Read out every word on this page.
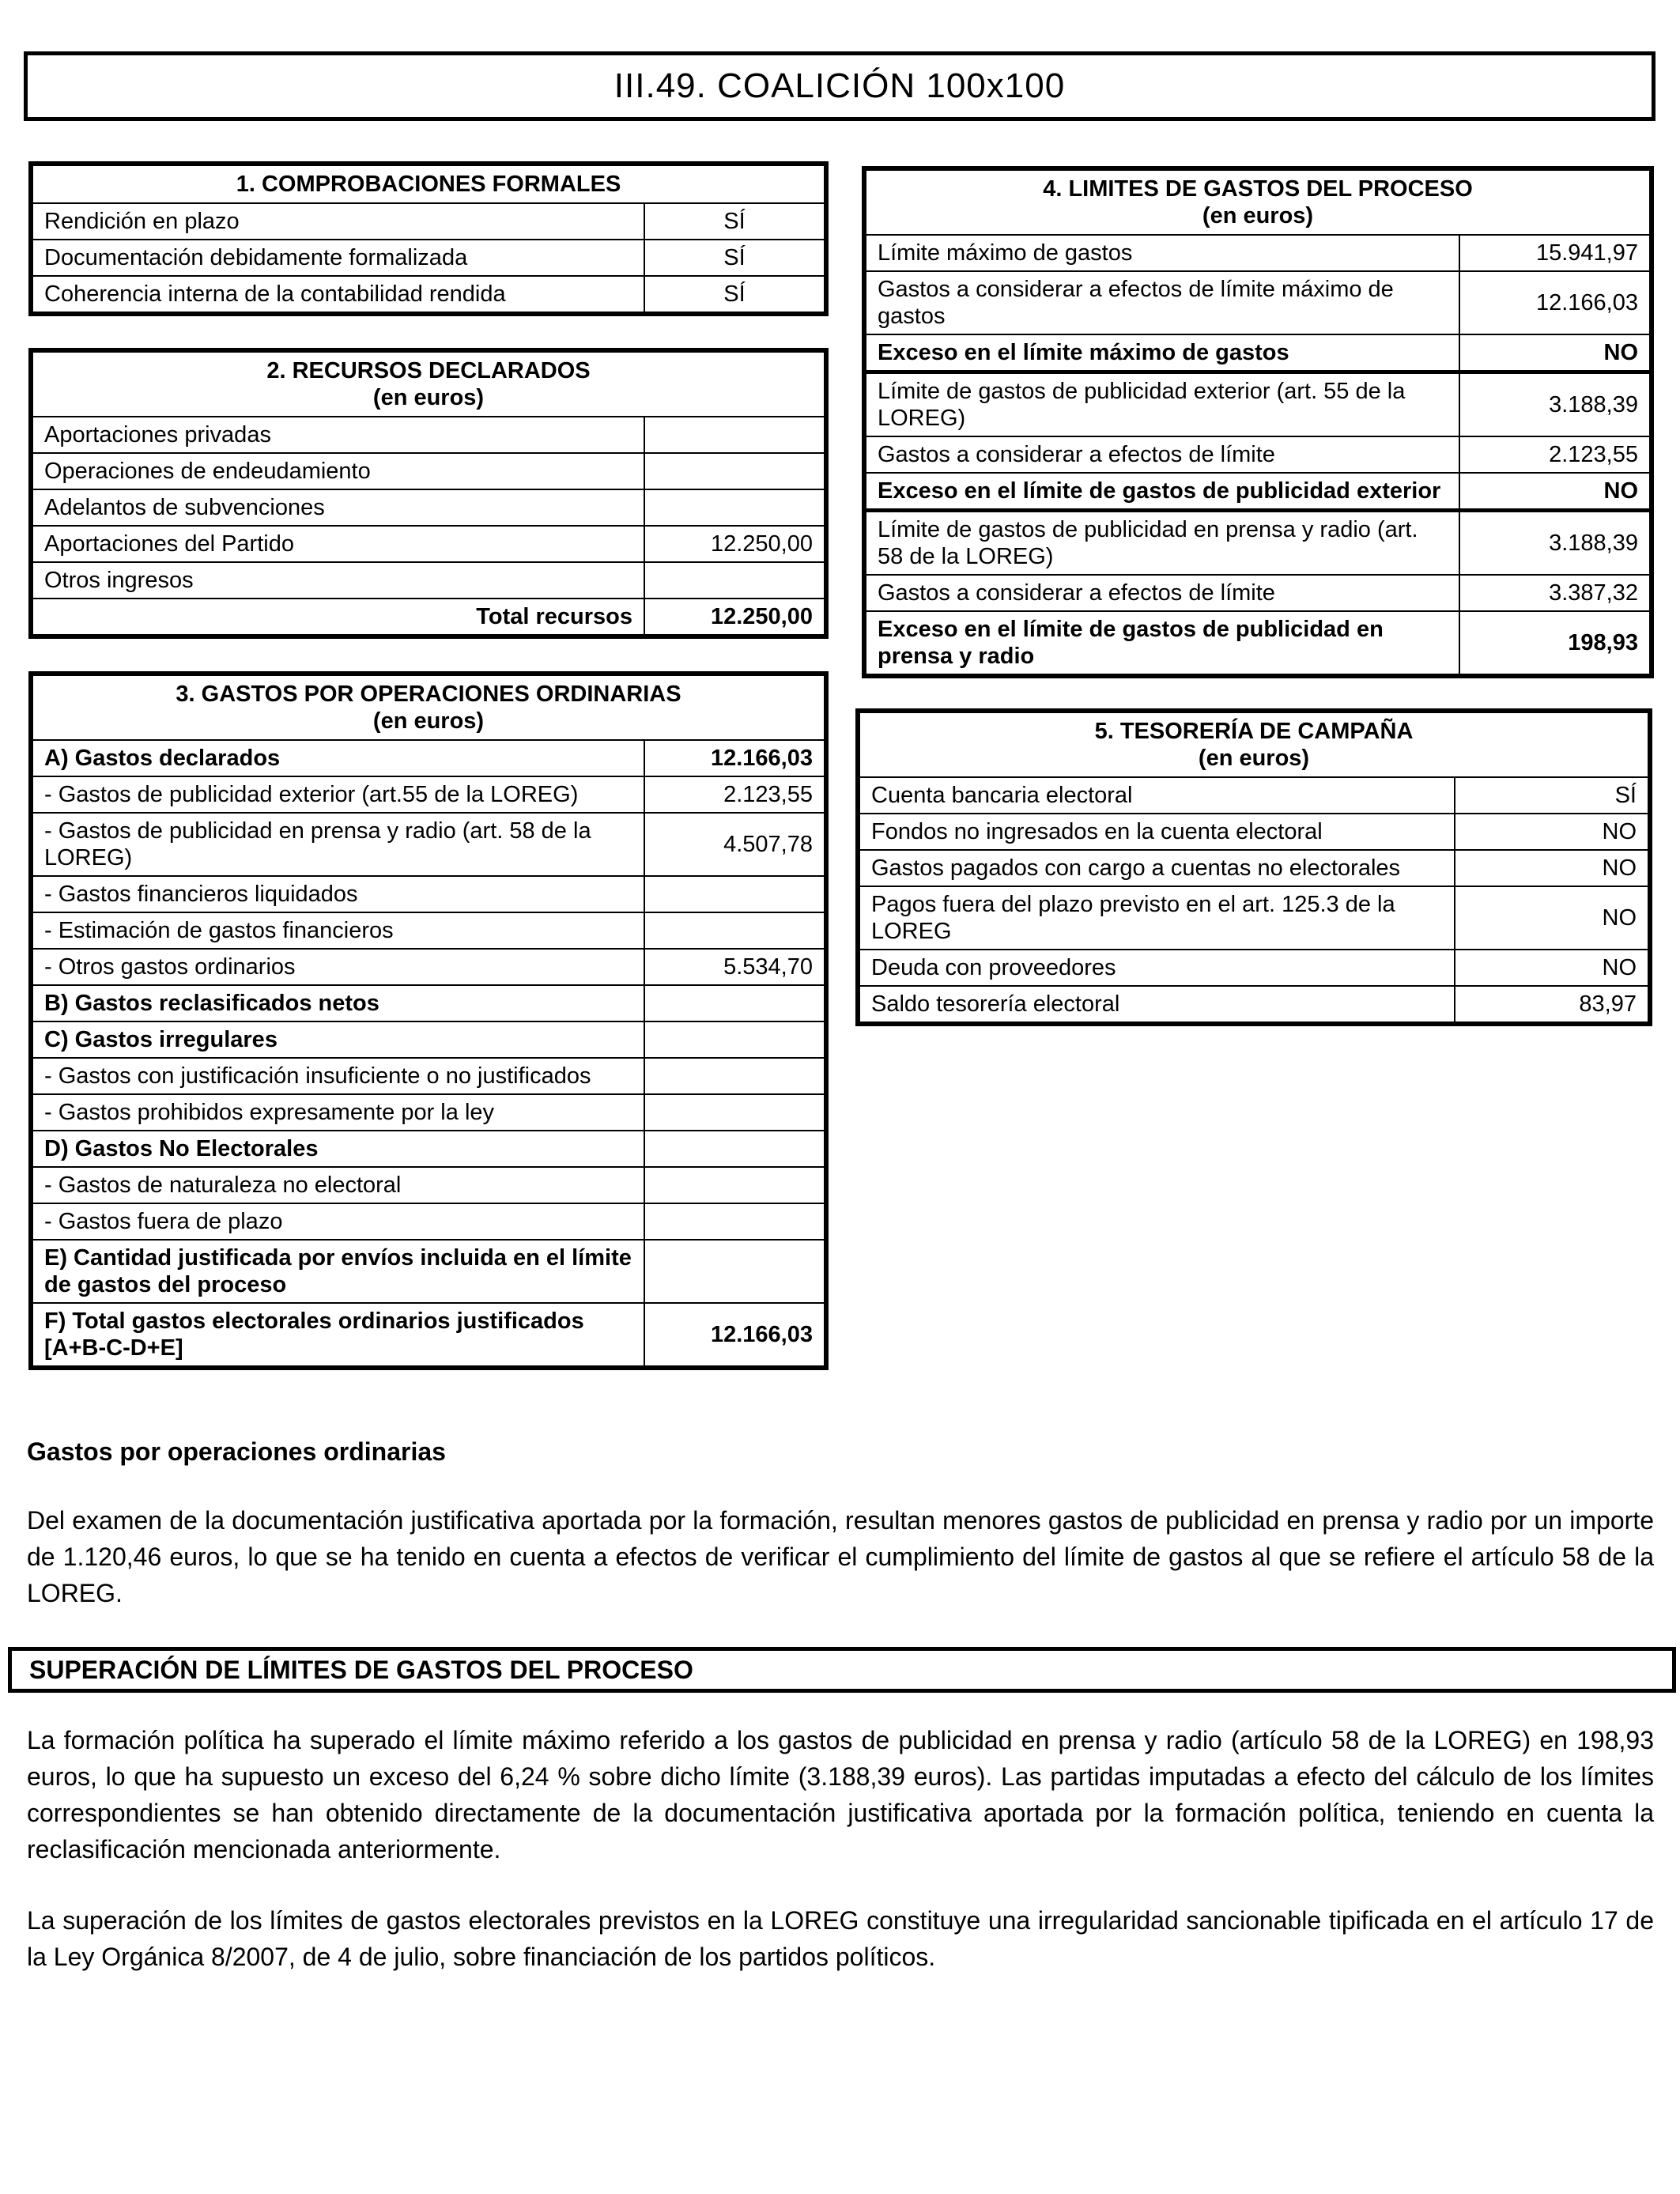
III.49. COALICIÓN 100x100
1. COMPROBACIONES FORMALES	
Rendición en plazo	SÍ
Documentación debidamente formalizada	SÍ
Coherencia interna de la contabilidad rendida	SÍ
2. RECURSOS DECLARADOS
(en euros)	

Aportaciones privadas	
Operaciones de endeudamiento	
Adelantos de subvenciones	
Aportaciones del Partido	12.250,00
Otros ingresos	
Total recursos	12.250,00
3. GASTOS POR OPERACIONES ORDINARIAS
(en euros)	

A) Gastos declarados	12.166,03
- Gastos de publicidad exterior (art.55 de la LOREG)	2.123,55
- Gastos de publicidad en prensa y radio (art. 58 de la LOREG)	4.507,78
- Gastos financieros liquidados	
- Estimación de gastos financieros	
- Otros gastos ordinarios	5.534,70
B) Gastos reclasificados netos	
C) Gastos irregulares	
- Gastos con justificación insuficiente o no justificados	
- Gastos prohibidos expresamente por la ley	
D) Gastos No Electorales	
- Gastos de naturaleza no electoral	
- Gastos fuera de plazo	
E) Cantidad justificada por envíos incluida en el límite de gastos del proceso	
F) Total gastos electorales ordinarios justificados [A+B-C-D+E]	12.166,03
4. LIMITES DE GASTOS DEL PROCESO
(en euros)	

Límite máximo de gastos	15.941,97
Gastos a considerar a efectos de límite máximo de gastos	12.166,03
Exceso en el límite máximo de gastos	NO
Límite de gastos de publicidad exterior (art. 55 de la LOREG)	3.188,39
Gastos a considerar a efectos de límite	2.123,55
Exceso en el límite de gastos de publicidad exterior	NO
Límite de gastos de publicidad en prensa y radio (art. 58 de la LOREG)	3.188,39
Gastos a considerar a efectos de límite	3.387,32
Exceso en el límite de gastos de publicidad en prensa y radio	198,93
5. TESORERÍA DE CAMPAÑA
(en euros)	

Cuenta bancaria electoral	SÍ
Fondos no ingresados en la cuenta electoral	NO
Gastos pagados con cargo a cuentas no electorales	NO
Pagos fuera del plazo previsto en el art. 125.3 de la LOREG	NO
Deuda con proveedores	NO
Saldo tesorería electoral	83,97
Gastos por operaciones ordinarias
Del examen de la documentación justificativa aportada por la formación, resultan menores gastos de publicidad en prensa y radio por un importe de 1.120,46 euros, lo que se ha tenido en cuenta a efectos de verificar el cumplimiento del límite de gastos al que se refiere el artículo 58 de la LOREG.
SUPERACIÓN DE LÍMITES DE GASTOS DEL PROCESO
La formación política ha superado el límite máximo referido a los gastos de publicidad en prensa y radio (artículo 58 de la LOREG) en 198,93 euros, lo que ha supuesto un exceso del 6,24 % sobre dicho límite (3.188,39 euros). Las partidas imputadas a efecto del cálculo de los límites correspondientes se han obtenido directamente de la documentación justificativa aportada por la formación política, teniendo en cuenta la reclasificación mencionada anteriormente.
La superación de los límites de gastos electorales previstos en la LOREG constituye una irregularidad sancionable tipificada en el artículo 17 de la Ley Orgánica 8/2007, de 4 de julio, sobre financiación de los partidos políticos.
